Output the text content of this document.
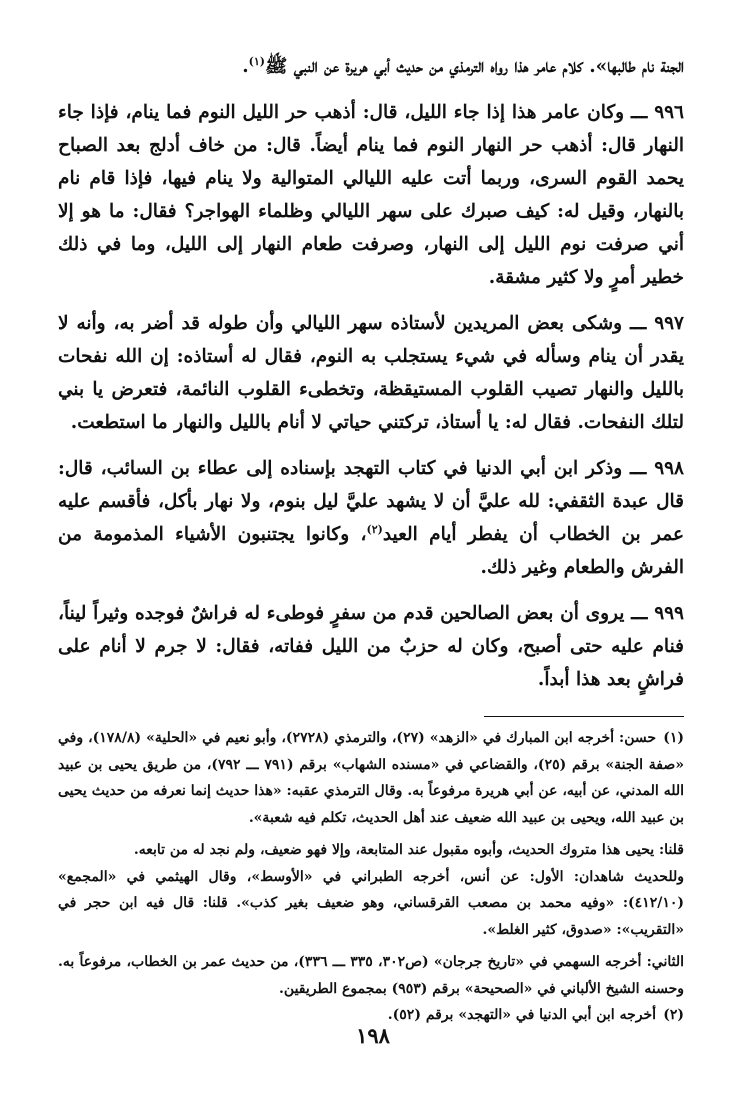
الجنة نام طالبها». كلام عامر هذا رواه الترمذي من حديث أبي هريرة عن النبي ﷺ$^{(١)}$.

٩٩٦ ـــ وكان عامر هذا إذا جاء الليل، قال: أذهب حر الليل النوم فما ينام، فإذا جاء النهار قال: أذهب حر النهار النوم فما ينام أيضاً. قال: من خاف أدلج بعد الصباح يحمد القوم السرى، وربما أتت عليه الليالي المتوالية ولا ينام فيها، فإذا قام نام بالنهار، وقيل له: كيف صبرك على سهر الليالي وظلماء الهواجر؟ فقال: ما هو إلا أني صرفت نوم الليل إلى النهار، وصرفت طعام النهار إلى الليل، وما في ذلك خطير أمرٍ ولا كثير مشقة.

٩٩٧ ـــ وشكى بعض المريدين لأستاذه سهر الليالي وأن طوله قد أضر به، وأنه لا يقدر أن ينام وسأله في شيء يستجلب به النوم، فقال له أستاذه: إن الله نفحات بالليل والنهار تصيب القلوب المستيقظة، وتخطىء القلوب النائمة، فتعرض يا بني لتلك النفحات. فقال له: يا أستاذ، تركتني حياتي لا أنام بالليل والنهار ما استطعت.

٩٩٨ ـــ وذكر ابن أبي الدنيا في كتاب التهجد بإسناده إلى عطاء بن السائب، قال: قال عبدة الثقفي: لله عليَّ أن لا يشهد عليَّ ليل بنوم، ولا نهار بأكل، فأقسم عليه عمر بن الخطاب أن يفطر أيام العيد$^{(٢)}$، وكانوا يجتنبون الأشياء المذمومة من الفرش والطعام وغير ذلك.

٩٩٩ ـــ يروى أن بعض الصالحين قدم من سفرٍ فوطىء له فراشٌ فوجده وثيراً ليناً، فنام عليه حتى أصبح، وكان له حزبٌ من الليل ففاته، فقال: لا جرم لا أنام على فراشٍ بعد هذا أبداً.

(١)حسن: أخرجه ابن المبارك في «الزهد» (٢٧)، والترمذي (٢٧٢٨)، وأبو نعيم في «الحلية» (١٧٨/٨)، وفي «صفة الجنة» برقم (٢٥)، والقضاعي في «مسنده الشهاب» برقم (٧٩١ ـــ ٧٩٢)، من طريق يحيى بن عبيد الله المدني، عن أبيه، عن أبي هريرة مرفوعاً به. وقال الترمذي عقبه: «هذا حديث إنما نعرفه من حديث يحيى بن عبيد الله، ويحيى بن عبيد الله ضعيف عند أهل الحديث، تكلم فيه شعبة».

قلنا: يحيى هذا متروك الحديث، وأبوه مقبول عند المتابعة، وإلا فهو ضعيف، ولم نجد له من تابعه.

وللحديث شاهدان: الأول: عن أنس، أخرجه الطبراني في «الأوسط»، وقال الهيثمي في «المجمع» (٤١٢/١٠): «وفيه محمد بن مصعب القرقساني، وهو ضعيف بغير كذب». قلنا: قال فيه ابن حجر في «التقريب»: «صدوق، كثير الغلط».

الثاني: أخرجه السهمي في «تاريخ جرجان» (ص٣٠٢، ٣٣٥ ـــ ٣٣٦)، من حديث عمر بن الخطاب، مرفوعاً به. وحسنه الشيخ الألباني في «الصحيحة» برقم (٩٥٣) بمجموع الطريقين.

(٢)أخرجه ابن أبي الدنيا في «التهجد» برقم (٥٢).

١٩٨
